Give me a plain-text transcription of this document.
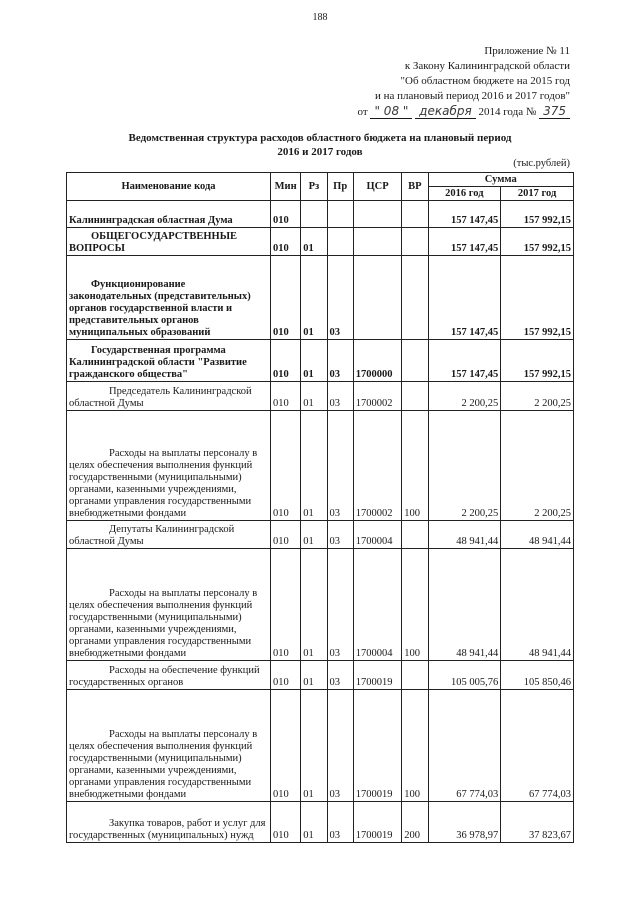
188
Приложение № 11
к Закону Калининградской области
"Об областном бюджете на 2015 год
и на плановый период 2016 и 2017 годов"
от " 08 " декабря 2014 года № 375
Ведомственная структура расходов областного бюджета на плановый период
2016 и 2017 годов
(тыс.рублей)
Наименование кода	Мин	Рз	Пр	ЦСР	ВР	Сумма	
						2016 год	2017 год
Калининградская областная Дума	010					157 147,45	157 992,15
ОБЩЕГОСУДАРСТВЕННЫЕ ВОПРОСЫ	010	01				157 147,45	157 992,15
Функционирование законодательных (представительных) органов государственной власти и представительных органов муниципальных образований	010	01	03			157 147,45	157 992,15
Государственная программа Калининградской области "Развитие гражданского общества"	010	01	03	1700000		157 147,45	157 992,15
Председатель Калининградской областной Думы	010	01	03	1700002		2 200,25	2 200,25
Расходы на выплаты персоналу в целях обеспечения выполнения функций государственными (муниципальными) органами, казенными учреждениями, органами управления государственными внебюджетными фондами	010	01	03	1700002	100	2 200,25	2 200,25
Депутаты Калининградской областной Думы	010	01	03	1700004		48 941,44	48 941,44
Расходы на выплаты персоналу в целях обеспечения выполнения функций государственными (муниципальными) органами, казенными учреждениями, органами управления государственными внебюджетными фондами	010	01	03	1700004	100	48 941,44	48 941,44
Расходы на обеспечение функций государственных органов	010	01	03	1700019		105 005,76	105 850,46
Расходы на выплаты персоналу в целях обеспечения выполнения функций государственными (муниципальными) органами, казенными учреждениями, органами управления государственными внебюджетными фондами	010	01	03	1700019	100	67 774,03	67 774,03
Закупка товаров, работ и услуг для государственных (муниципальных) нужд	010	01	03	1700019	200	36 978,97	37 823,67
